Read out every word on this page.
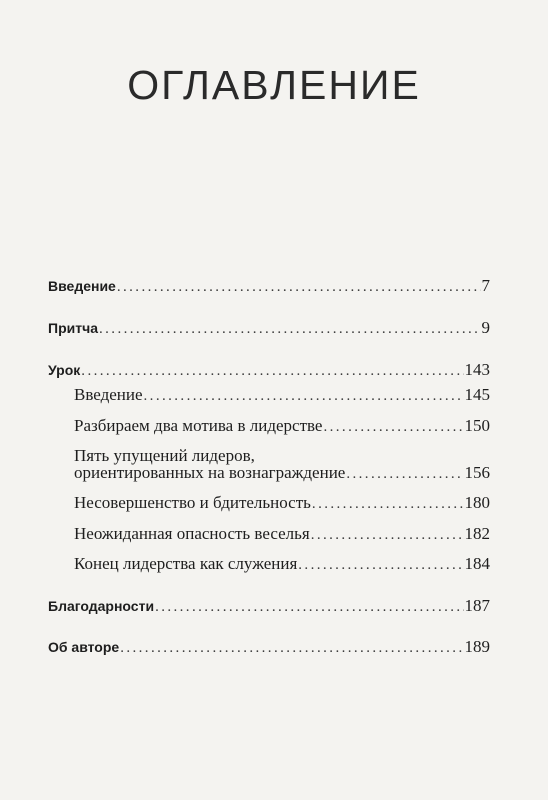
ОГЛАВЛЕНИЕ
Введение .....	7
Притча .....	9
Урок .....	143
Введение .....	145
Разбираем два мотива в лидерстве .....	150
Пять упущений лидеров,
ориентированных на вознаграждение .....	156
Несовершенство и бдительность .....	180
Неожиданная опасность веселья .....	182
Конец лидерства как служения .....	184
Благодарности .....	187
Об авторе .....	189
